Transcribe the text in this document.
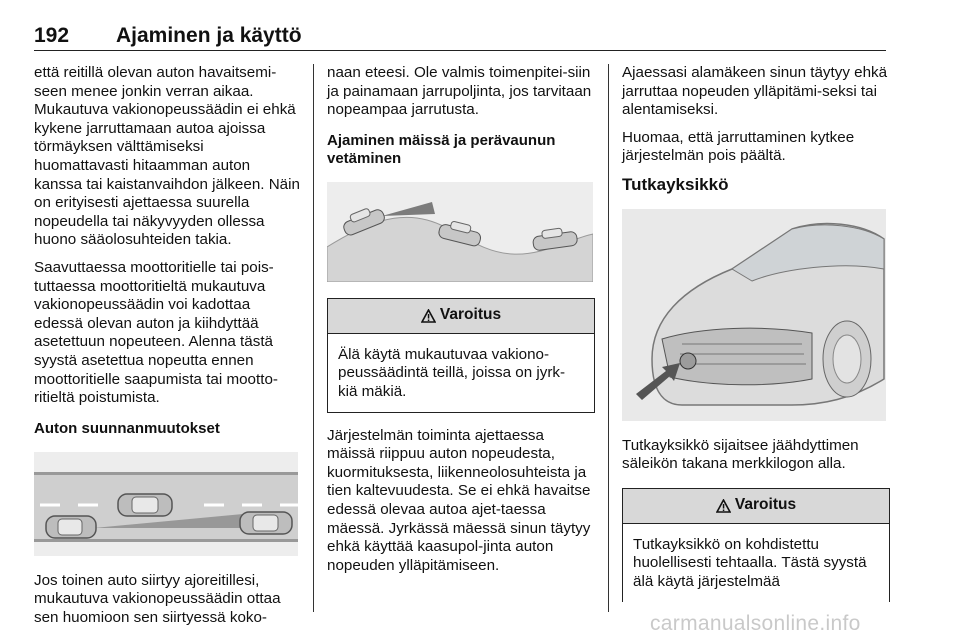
192 Ajaminen ja käyttö

että reitillä olevan auton havaitsemi-seen menee jonkin verran aikaa. Mukautuva vakionopeussäädin ei ehkä kykene jarruttamaan autoa ajoissa törmäyksen välttämiseksi huomattavasti hitaamman auton kanssa tai kaistanvaihdon jälkeen. Näin on erityisesti ajettaessa suurella nopeudella tai näkyvyyden ollessa huono sääolosuhteiden takia.

Saavuttaessa moottoritielle tai pois-tuttaessa moottoritieltä mukautuva vakionopeussäädin voi kadottaa edessä olevan auton ja kiihdyttää asetettuun nopeuteen. Alenna tästä syystä asetettua nopeutta ennen moottoritielle saapumista tai mootto-ritieltä poistumista.

Auton suunnanmuutokset

Jos toinen auto siirtyy ajoreitillesi, mukautuva vakionopeussäädin ottaa sen huomioon sen siirtyessä koko-

naan eteesi. Ole valmis toimenpitei-siin ja painamaan jarrupoljinta, jos tarvitaan nopeampaa jarrutusta.

Ajaminen mäissä ja perävaunun vetäminen
Varoitus
Älä käytä mukautuvaa vakiono-peussäädintä teillä, joissa on jyrk-kiä mäkiä.

Järjestelmän toiminta ajettaessa mäissä riippuu auton nopeudesta, kuormituksesta, liikenneolosuhteista ja tien kaltevuudesta. Se ei ehkä havaitse edessä olevaa autoa ajet-taessa mäessä. Jyrkässä mäessä sinun täytyy ehkä käyttää kaasupol-jinta auton nopeuden ylläpitämiseen.

Ajaessasi alamäkeen sinun täytyy ehkä jarruttaa nopeuden ylläpitämi-seksi tai alentamiseksi.

Huomaa, että jarruttaminen kytkee järjestelmän pois päältä.

Tutkayksikkö

Tutkayksikkö sijaitsee jäähdyttimen säleikön takana merkkilogon alla.

Varoitus
Tutkayksikkö on kohdistettu huolellisesti tehtaalla. Tästä syystä älä käytä järjestelmää
carmanualsonline.info
